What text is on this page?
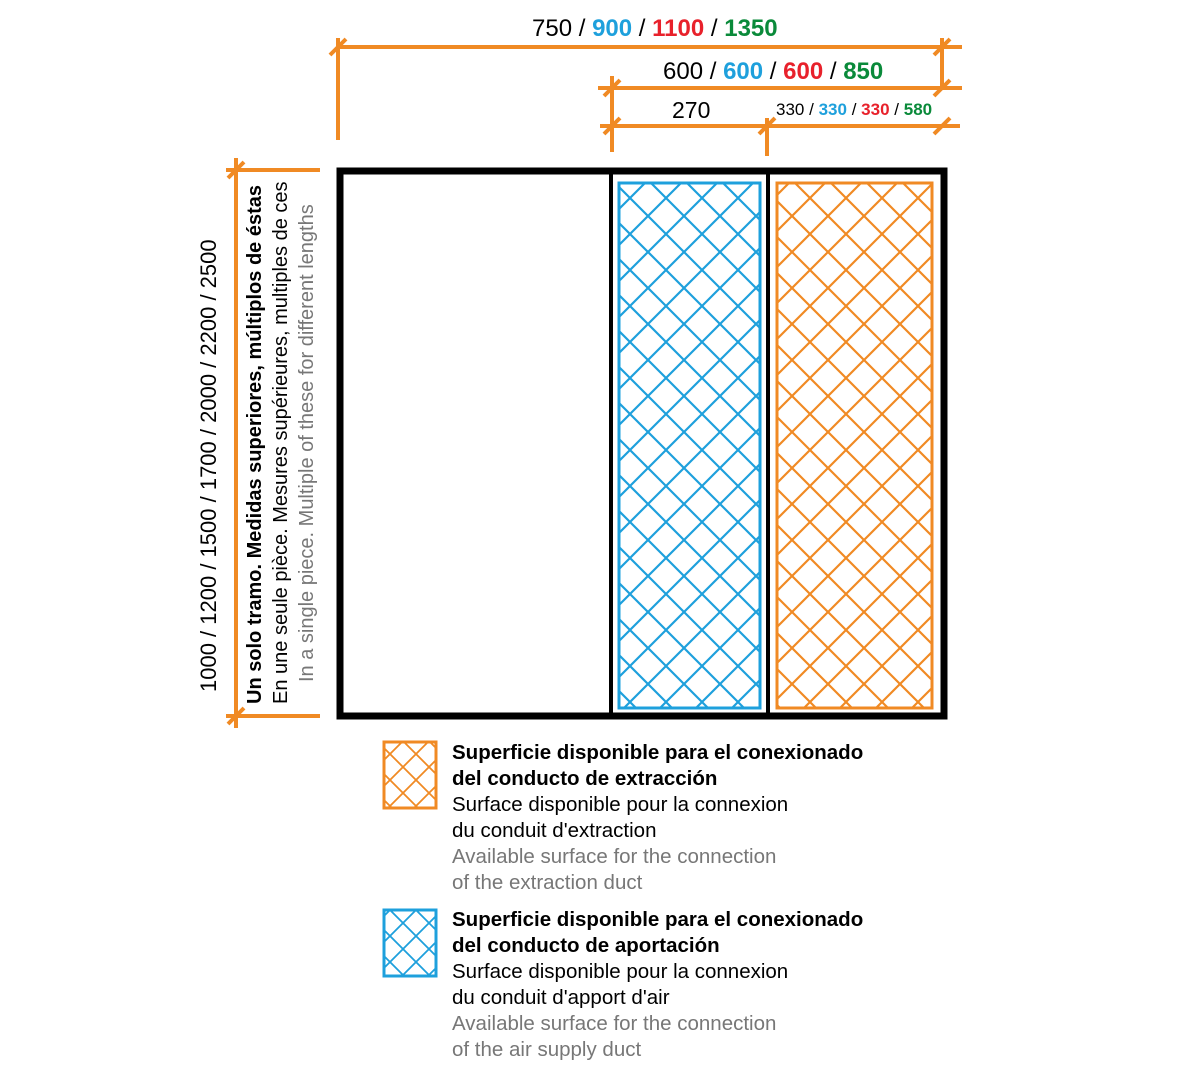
750 / 900 / 1100 / 1350
600 / 600 / 600 / 850
270	330 / 330 / 330 / 580
1000 / 1200 / 1500 / 1700 / 2000 / 2200 / 2500 Un solo tramo. Medidas superiores, múltiplos de éstas En une seule pièce. Mesures supérieures, multiples de ces In a single piece. Multiple of these for different lengths
Superficie disponible para el conexionado
del conducto de extracción
Surface disponible pour la connexion
du conduit d'extraction
Available surface for the connection
of the extraction duct
Superficie disponible para el conexionado
del conducto de aportación
Surface disponible pour la connexion
du conduit d'apport d'air
Available surface for the connection
of the air supply duct
